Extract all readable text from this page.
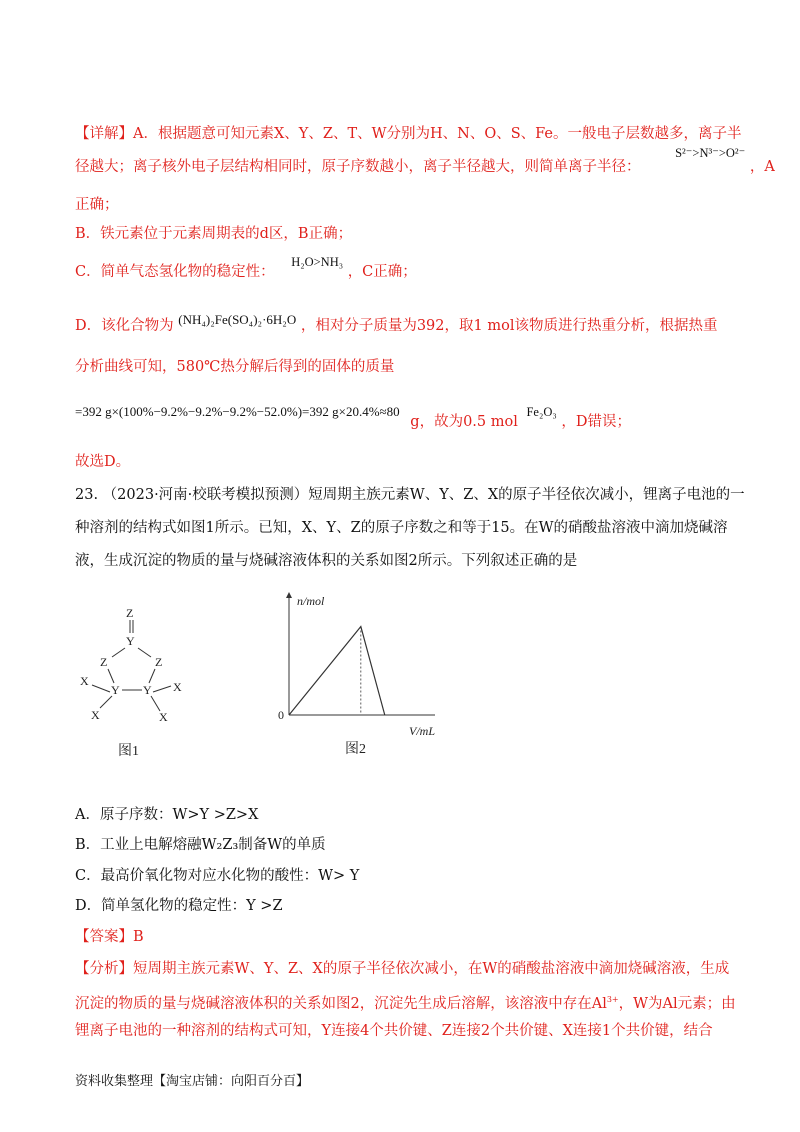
【详解】A．根据题意可知元素X、Y、Z、T、W分别为H、N、O、S、Fe。一般电子层数越多，离子半
径越大；离子核外电子层结构相同时，原子序数越小，离子半径越大，则简单离子半径： S²⁻>N³⁻>O²⁻ ，A
正确；
B．铁元素位于元素周期表的d区，B正确；
C．简单气态氢化物的稳定性： H₂O>NH₃ ，C正确；
D．该化合物为 (NH₄)₂Fe(SO₄)₂·6H₂O ，相对分子质量为392，取1 mol该物质进行热重分析，根据热重
分析曲线可知，580℃热分解后得到的固体的质量
=392 g×(100%−9.2%−9.2%−9.2%−52.0%)=392 g×20.4%≈80 g，故为0.5 mol Fe₂O₃ ，D错误；
故选D。
23. （2023·河南·校联考模拟预测）短周期主族元素W、Y、Z、X的原子半径依次减小，锂离子电池的一
种溶剂的结构式如图1所示。已知，X、Y、Z的原子序数之和等于15。在W的硝酸盐溶液中滴加烧碱溶
液，生成沉淀的物质的量与烧碱溶液体积的关系如图2所示。下列叙述正确的是
Z
Y
Z	Z
X
Y Y X
X	X
图1
n/mol
V/mL
0
图2
A．原子序数：W>Y >Z>X
B．工业上电解熔融W₂Z₃制备W的单质
C．最高价氧化物对应水化物的酸性：W> Y
D．简单氢化物的稳定性：Y >Z
【答案】B
【分析】短周期主族元素W、Y、Z、X的原子半径依次减小，在W的硝酸盐溶液中滴加烧碱溶液，生成
沉淀的物质的量与烧碱溶液体积的关系如图2，沉淀先生成后溶解，该溶液中存在$Al^{3+}$，W为Al元素；由
锂离子电池的一种溶剂的结构式可知，Y连接4个共价键、Z连接2个共价键、X连接1个共价键，结合
资料收集整理【淘宝店铺：向阳百分百】
